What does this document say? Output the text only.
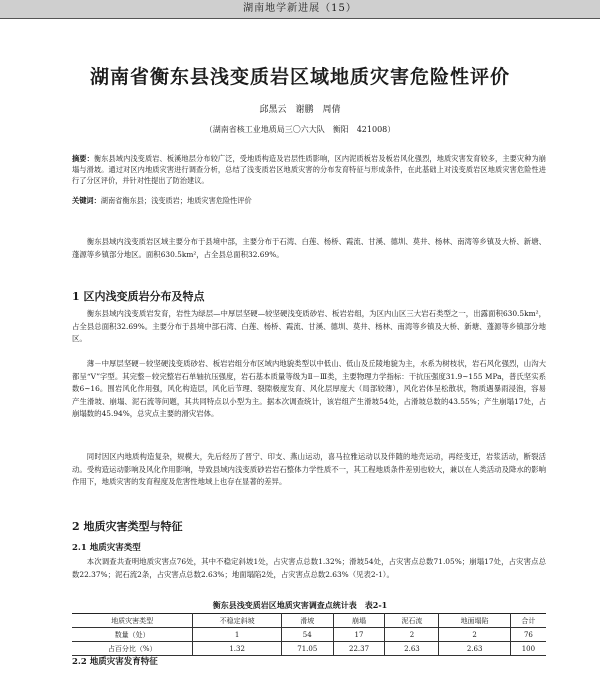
湖南地学新进展（15）
湖南省衡东县浅变质岩区域地质灾害危险性评价
邱黑云　谢鹏　周倩
（湖南省核工业地质局三〇六大队　衡阳　421008）
摘要：衡东县域内浅变质岩、板溪地层分布较广泛，受地质构造及岩层性质影响，区内泥质板岩及板岩风化强烈，地质灾害发育较多，主要灾种为崩塌与滑坡。通过对区内地质灾害进行调查分析，总结了浅变质岩区地质灾害的分布发育特征与形成条件，在此基础上对浅变质岩区地质灾害危险性进行了分区评价，并针对性提出了防治建议。
关键词：湖南省衡东县；浅变质岩；地质灾害危险性评价
衡东县域内浅变质岩区域主要分布于县境中部，主要分布于石湾、白莲、杨桥、霞流、甘溪、德圳、莫井、杨林、南湾等乡镇及大桥、新塘、蓬源等乡镇部分地区。面积630.5km²，占全县总面积32.69%。
1 区内浅变质岩分布及特点
衡东县域内浅变质岩发育，岩性为绿层—中厚层坚硬—较坚硬浅变质砂岩、板岩岩组，为区内山区三大岩石类型之一，出露面积630.5km²，占全县总面积32.69%。主要分布于县境中部石湾、白莲、杨桥、霞流、甘溪、德圳、莫井、杨林、南湾等乡镇及大桥、新塘、蓬源等乡镇部分地区。
薄－中厚层坚硬－较坚硬浅变质砂岩、板岩岩组分布区域内地貌类型以中低山、低山及丘陵地貌为主，水系为树枝状，岩石风化强烈，山沟大都呈“V”字型。其完整－较完整岩石单轴抗压强度，岩石基本质量等级为Ⅱ－Ⅲ类，主要物理力学指标：干抗压强度31.9~155 MPa，普氏坚实系数6~16。围岩风化作用强，风化构造层，风化后节理、裂隙极度发育、风化层厚度大（局部较薄），风化岩体呈松散状，物质遇暴雨浸泡，容易产生滑坡、崩塌、泥石流等问题，其共同特点以小型为主。据本次调查统计，该岩组产生滑坡54处，占滑坡总数的43.55%；产生崩塌17处，占崩塌数的45.94%，总灾点主要的滑灾岩体。
同时因区内地质构造复杂，规模大，先后经历了晋宁、印支、燕山运动，喜马拉雅运动以及伴随的地壳运动，再经变迁，岩浆活动，断裂活动。受构造运动影响及风化作用影响，导致县域内浅变质砂岩岩石整体力学性质不一，其工程地质条件差别也较大，兼以在人类活动及降水的影响作用下，地质灾害的发育程度及危害性地域上也存在显著的差异。
2 地质灾害类型与特征
2.1 地质灾害类型
本次调查共查明地质灾害点76处，其中不稳定斜坡1处，占灾害点总数1.32%；滑坡54处，占灾害点总数71.05%；崩塌17处，占灾害点总数22.37%；泥石流2条，占灾害点总数2.63%；地面塌陷2处，占灾害点总数2.63%（见表2-1）。
衡东县浅变质岩区地质灾害调查点统计表　表2-1
地质灾害类型	不稳定斜坡	滑坡	崩塌	泥石流	地面塌陷	合计
数量（处）	1	54	17	2	2	76
占百分比（%）	1.32	71.05	22.37	2.63	2.63	100
2.2 地质灾害发育特征
